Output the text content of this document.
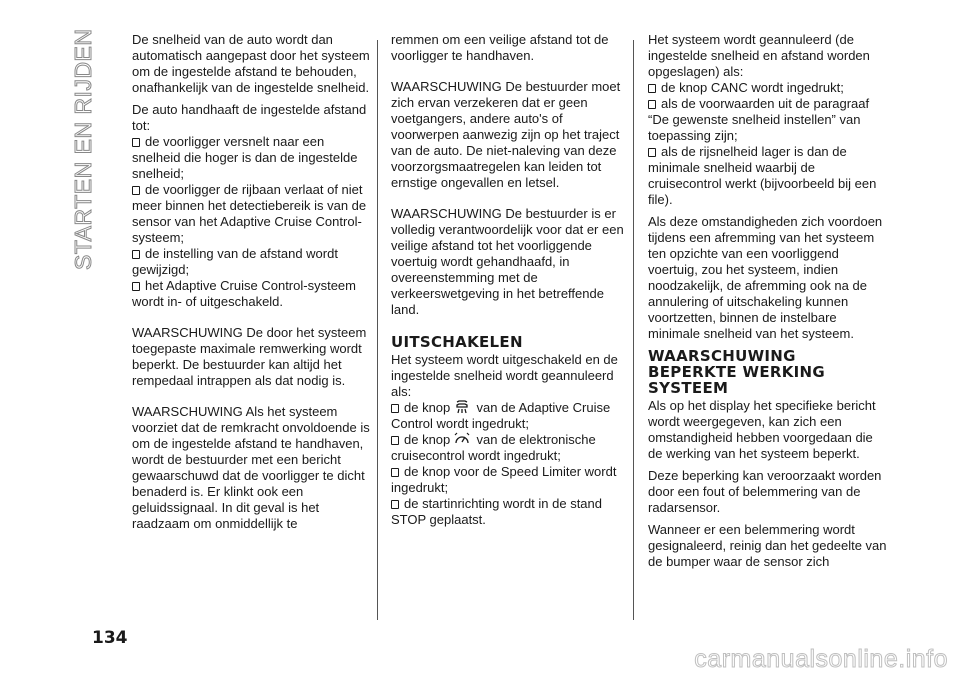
STARTEN EN RIJDEN	De snelheid van de auto wordt dan automatisch aangepast door het systeem om de ingestelde afstand te behouden, onafhankelijk van de ingestelde snelheid.

De auto handhaaft de ingestelde afstand tot:

de voorligger versnelt naar een snelheid die hoger is dan de ingestelde snelheid;

de voorligger de rijbaan verlaat of niet meer binnen het detectiebereik is van de sensor van het Adaptive Cruise Control-systeem;

de instelling van de afstand wordt gewijzigd;

het Adaptive Cruise Control-systeem wordt in- of uitgeschakeld.

WAARSCHUWING De door het systeem toegepaste maximale remwerking wordt beperkt. De bestuurder kan altijd het rempedaal intrappen als dat nodig is.

WAARSCHUWING Als het systeem voorziet dat de remkracht onvoldoende is om de ingestelde afstand te handhaven, wordt de bestuurder met een bericht gewaarschuwd dat de voorligger te dicht benaderd is. Er klinkt ook een geluidssignaal. In dit geval is het raadzaam om onmiddellijk te

remmen om een veilige afstand tot de voorligger te handhaven.

WAARSCHUWING De bestuurder moet zich ervan verzekeren dat er geen voetgangers, andere auto's of voorwerpen aanwezig zijn op het traject van de auto. De niet-naleving van deze voorzorgsmaatregelen kan leiden tot ernstige ongevallen en letsel.

WAARSCHUWING De bestuurder is er volledig verantwoordelijk voor dat er een veilige afstand tot het voorliggende voertuig wordt gehandhaafd, in overeenstemming met de verkeerswetgeving in het betreffende land.

UITSCHAKELEN

Het systeem wordt uitgeschakeld en de ingestelde snelheid wordt geannuleerd als:

de knop van de Adaptive Cruise Control wordt ingedrukt;

de knop van de elektronische cruisecontrol wordt ingedrukt;

de knop voor de Speed Limiter wordt ingedrukt;

de startinrichting wordt in de stand STOP geplaatst.

Het systeem wordt geannuleerd (de ingestelde snelheid en afstand worden opgeslagen) als:

de knop CANC wordt ingedrukt;

als de voorwaarden uit de paragraaf “De gewenste snelheid instellen” van toepassing zijn;

als de rijsnelheid lager is dan de minimale snelheid waarbij de cruisecontrol werkt (bijvoorbeeld bij een file).

Als deze omstandigheden zich voordoen tijdens een afremming van het systeem ten opzichte van een voorliggend voertuig, zou het systeem, indien noodzakelijk, de afremming ook na de annulering of uitschakeling kunnen voortzetten, binnen de instelbare minimale snelheid van het systeem.

WAARSCHUWING BEPERKTE WERKING SYSTEEM

Als op het display het specifieke bericht wordt weergegeven, kan zich een omstandigheid hebben voorgedaan die de werking van het systeem beperkt.

Deze beperking kan veroorzaakt worden door een fout of belemmering van de radarsensor.

Wanneer er een belemmering wordt gesignaleerd, reinig dan het gedeelte van de bumper waar de sensor zich

134
carmanualsonline.info
